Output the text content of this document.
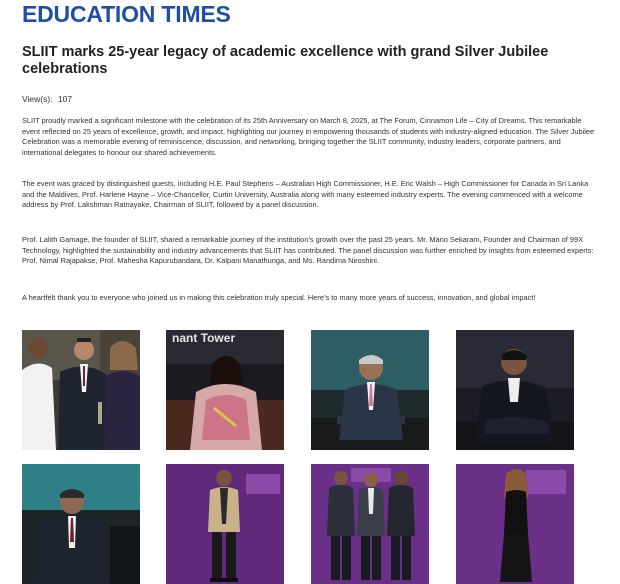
EDUCATION TIMES
SLIIT marks 25-year legacy of academic excellence with grand Silver Jubilee celebrations
View(s): 107

SLIIT proudly marked a significant milestone with the celebration of its 25th Anniversary on March 8, 2025, at The Forum, Cinnamon Life – City of Dreams. This remarkable event reflected on 25 years of excellence, growth, and impact, highlighting our journey in empowering thousands of students with industry-aligned education. The Silver Jubilee Celebration was a memorable evening of reminiscence, discussion, and networking, bringing together the SLIIT community, industry leaders, corporate partners, and international delegates to honour our shared achievements.

The event was graced by distinguished guests, including H.E. Paul Stephens – Australian High Commissioner, H.E. Eric Walsh – High Commissioner for Canada in Sri Lanka and the Maldives, Prof. Harlene Hayne – Vice-Chancellor, Curtin University, Australia along with many esteemed industry experts. The evening commenced with a welcome address by Prof. Lakshman Ratnayake, Chairman of SLIIT, followed by a panel discussion.

Prof. Lalith Gamage, the founder of SLIIT, shared a remarkable journey of the institution’s growth over the past 25 years. Mr. Mano Sekaram, Founder and Chairman of 99X Technology, highlighted the sustainability and industry advancements that SLIIT has contributed. The panel discussion was further enriched by insights from esteemed experts: Prof. Nimal Rajapakse, Prof. Mahesha Kapurubandara, Dr. Kalpani Manathunga, and Ms. Randima Niroshini.

A heartfelt thank you to everyone who joined us in making this celebration truly special. Here’s to many more years of success, innovation, and global impact!

nant Tower
